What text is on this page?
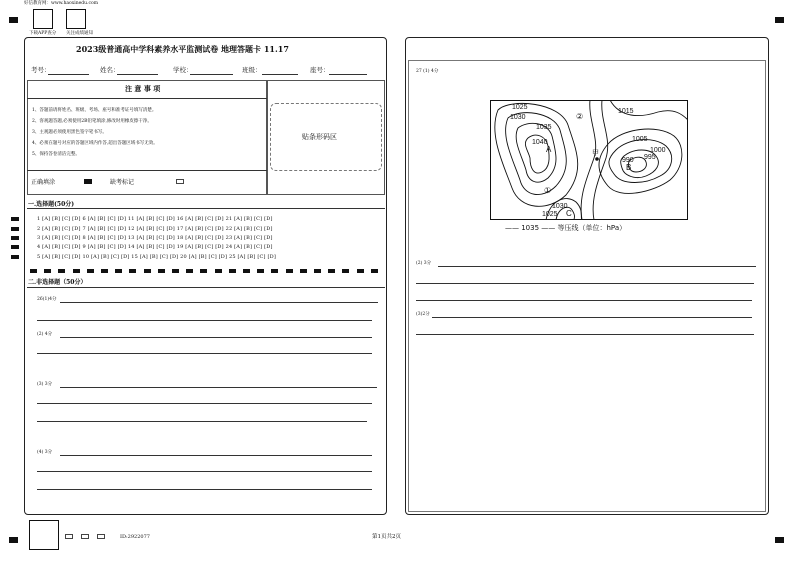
好信教育网：www.haoxinedu.com
下载APP查分 关注成绩通知
2023级普通高中学科素养水平监测试卷 地理答题卡 11.17
考号：	姓名：	学校：	班级：	座号：
注 意 事 项
1、答题前请将姓名、班级、考场、座号和准考证号填写清楚。
2、客观题答题,必须使用2B铅笔填涂,修改时用橡皮擦干净。
3、主观题必须使用黑色签字笔书写。
4、必须在题号对应的答题区域内作答,超出答题区域书写无效。
5、保持答卷清洁完整。
正确填涂	缺考标记
贴条形码区
一.选择题(50分)
1 [A] [B] [C] [D] 6 [A] [B] [C] [D] 11 [A] [B] [C] [D] 16 [A] [B] [C] [D] 21 [A] [B] [C] [D]
2 [A] [B] [C] [D] 7 [A] [B] [C] [D] 12 [A] [B] [C] [D] 17 [A] [B] [C] [D] 22 [A] [B] [C] [D]
3 [A] [B] [C] [D] 8 [A] [B] [C] [D] 13 [A] [B] [C] [D] 18 [A] [B] [C] [D] 23 [A] [B] [C] [D]
4 [A] [B] [C] [D] 9 [A] [B] [C] [D] 14 [A] [B] [C] [D] 19 [A] [B] [C] [D] 24 [A] [B] [C] [D]
5 [A] [B] [C] [D] 10 [A] [B] [C] [D] 15 [A] [B] [C] [D] 20 [A] [B] [C] [D] 25 [A] [B] [C] [D]
二.非选择题（50分）
26(1)4分
(2) 4分
(3) 3分
(4) 3分
27 (1) 4分
1025
1030
1035
1040
A
②
1015
1005
1000
990 995
B
甲
①
1030
1025 C
—— 1035 —— 等压线（单位：hPa）
(2) 3分
(3)2分
ID:2922077	第1页共2页
